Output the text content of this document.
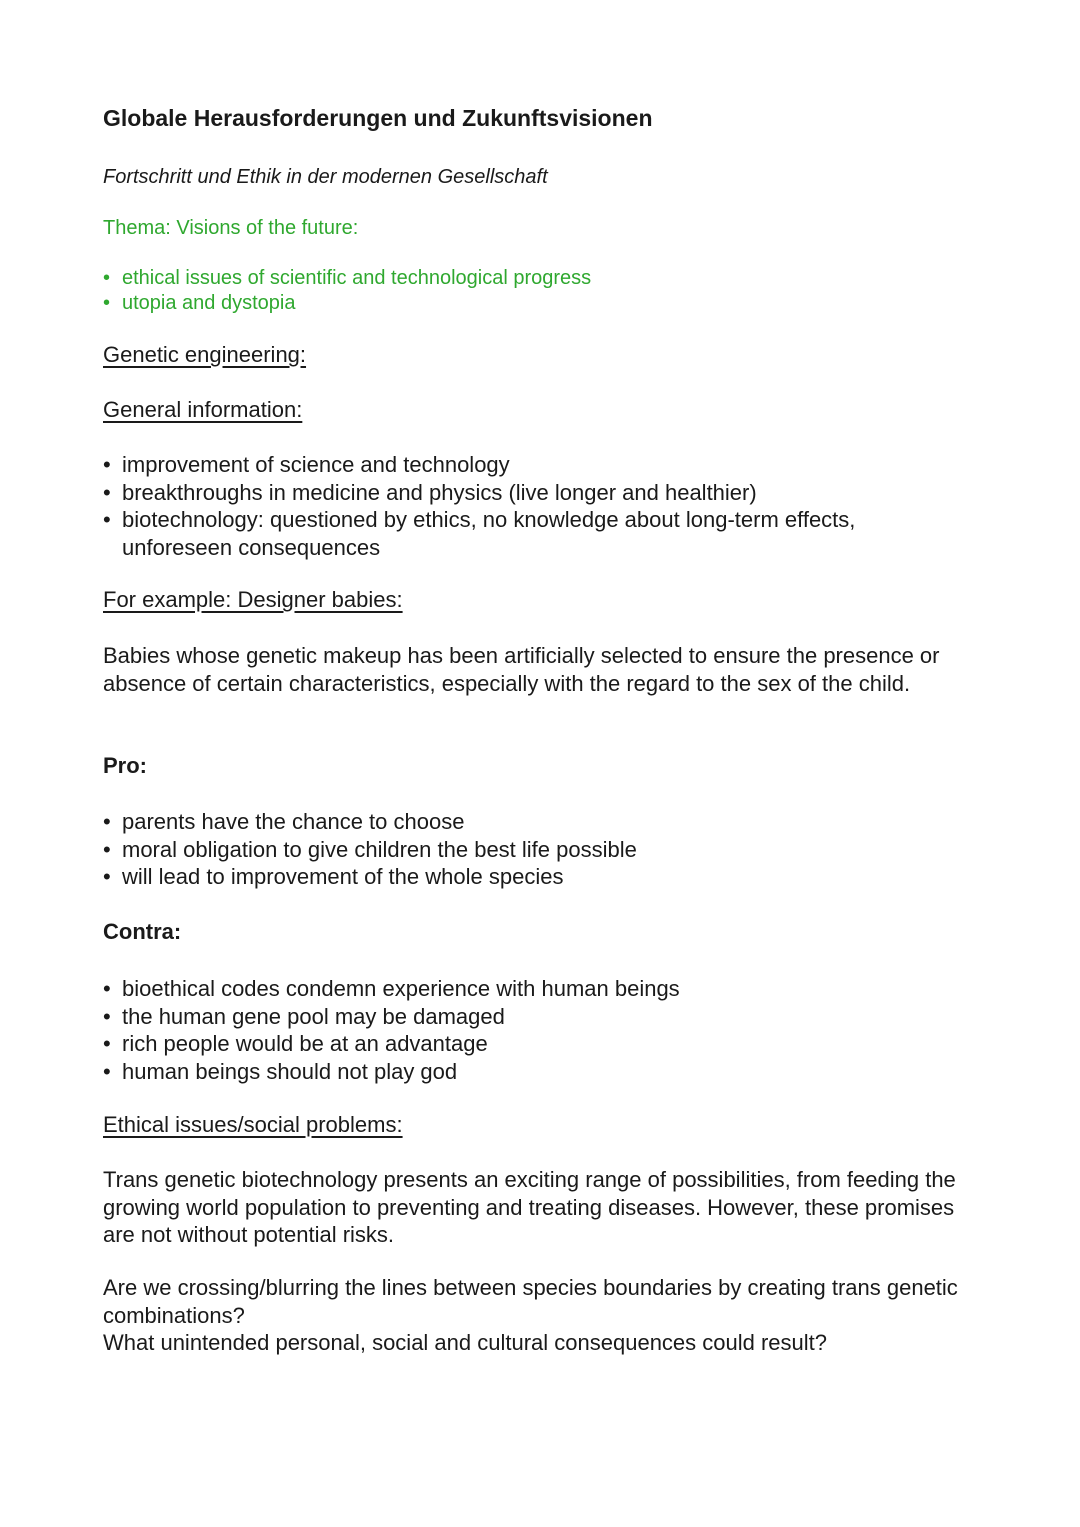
Globale Herausforderungen und Zukunftsvisionen

Fortschritt und Ethik in der modernen Gesellschaft

Thema: Visions of the future:

• ethical issues of scientific and technological progress
• utopia and dystopia

Genetic engineering:

General information:

• improvement of science and technology
• breakthroughs in medicine and physics (live longer and healthier)
• biotechnology: questioned by ethics, no knowledge about long-term effects, unforeseen consequences

For example: Designer babies:

Babies whose genetic makeup has been artificially selected to ensure the presence or absence of certain characteristics, especially with the regard to the sex of the child.

Pro:

• parents have the chance to choose
• moral obligation to give children the best life possible
• will lead to improvement of the whole species

Contra:

• bioethical codes condemn experience with human beings
• the human gene pool may be damaged
• rich people would be at an advantage
• human beings should not play god

Ethical issues/social problems:

Trans genetic biotechnology presents an exciting range of possibilities, from feeding the growing world population to preventing and treating diseases. However, these promises are not without potential risks.

Are we crossing/blurring the lines between species boundaries by creating trans genetic combinations?
What unintended personal, social and cultural consequences could result?
